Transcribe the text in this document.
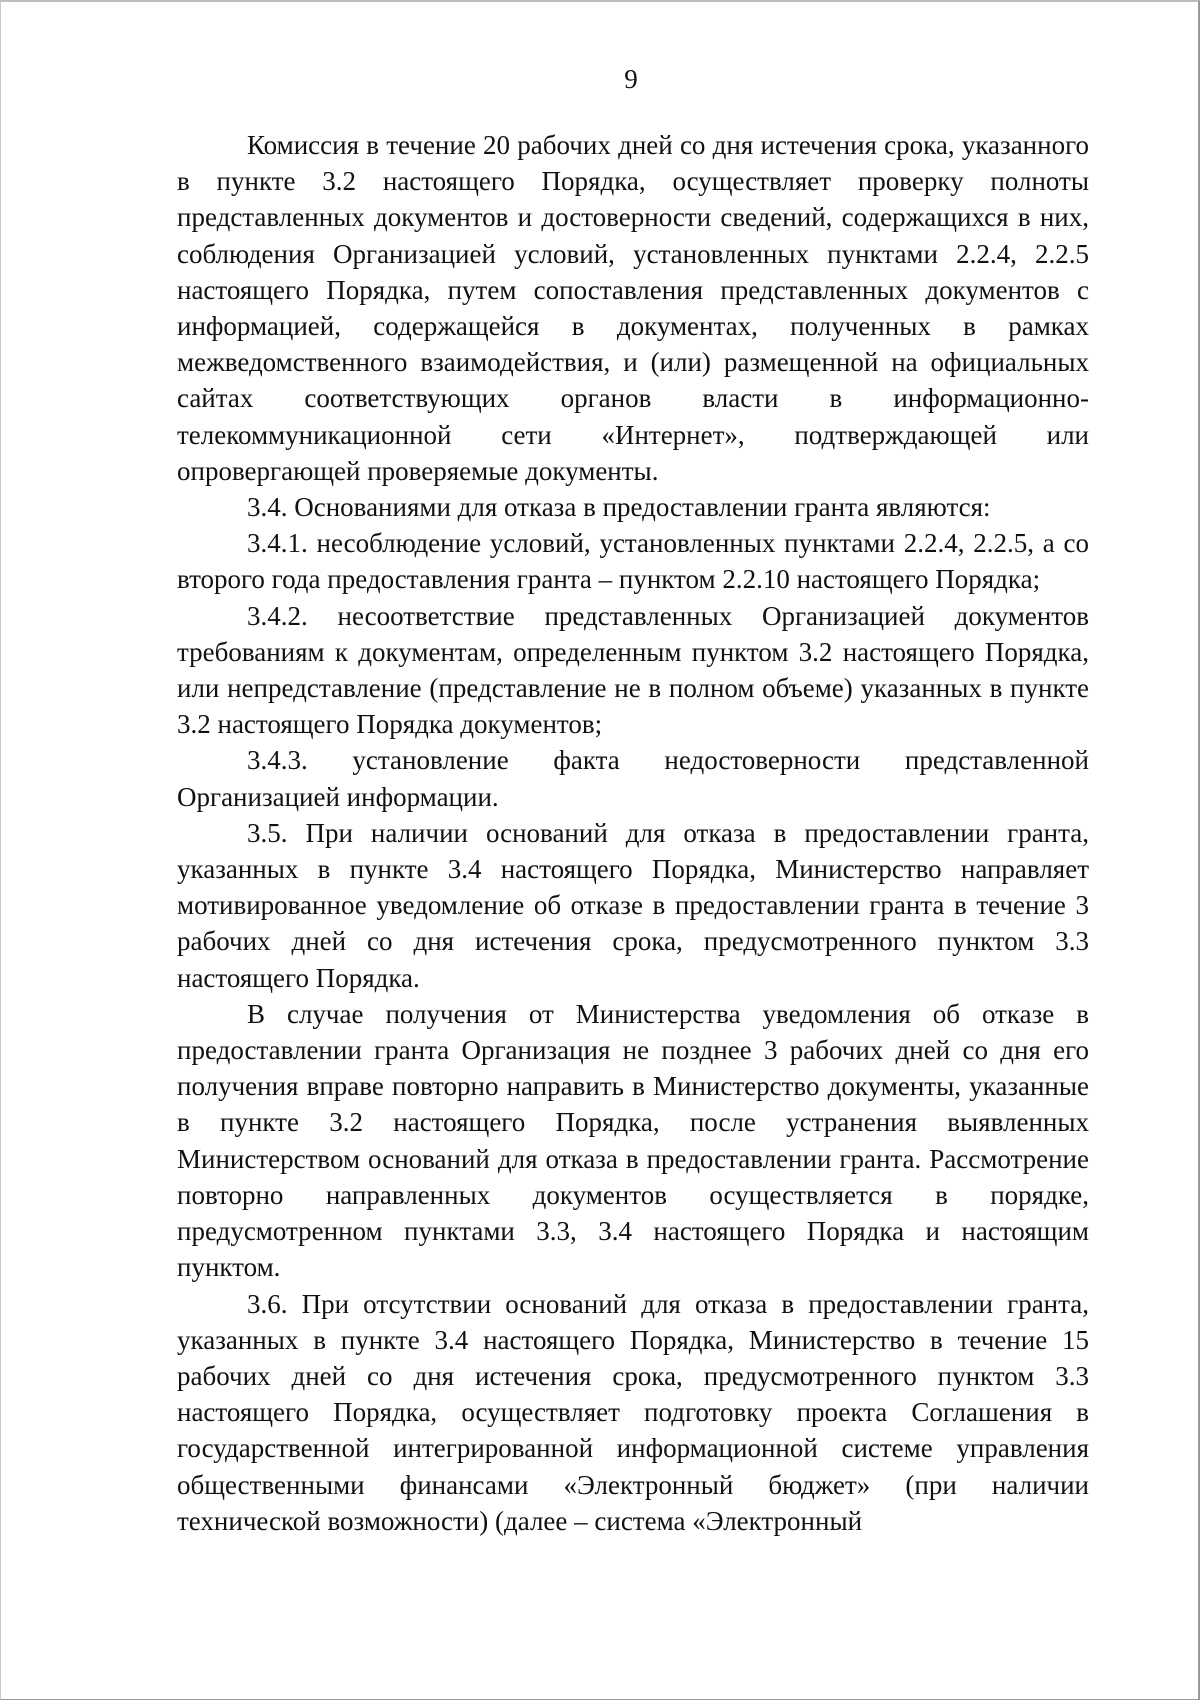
9

Комиссия в течение 20 рабочих дней со дня истечения срока, указанного в пункте 3.2 настоящего Порядка, осуществляет проверку полноты представленных документов и достоверности сведений, содержащихся в них, соблюдения Организацией условий, установленных пунктами 2.2.4, 2.2.5 настоящего Порядка, путем сопоставления представленных документов с информацией, содержащейся в документах, полученных в рамках межведомственного взаимодействия, и (или) размещенной на официальных сайтах соответствующих органов власти в информационно-телекоммуникационной сети «Интернет», подтверждающей или опровергающей проверяемые документы.

3.4. Основаниями для отказа в предоставлении гранта являются:

3.4.1. несоблюдение условий, установленных пунктами 2.2.4, 2.2.5, а со второго года предоставления гранта – пунктом 2.2.10 настоящего Порядка;

3.4.2. несоответствие представленных Организацией документов требованиям к документам, определенным пунктом 3.2 настоящего Порядка, или непредставление (представление не в полном объеме) указанных в пункте 3.2 настоящего Порядка документов;

3.4.3. установление факта недостоверности представленной Организацией информации.

3.5. При наличии оснований для отказа в предоставлении гранта, указанных в пункте 3.4 настоящего Порядка, Министерство направляет мотивированное уведомление об отказе в предоставлении гранта в течение 3 рабочих дней со дня истечения срока, предусмотренного пунктом 3.3 настоящего Порядка.

В случае получения от Министерства уведомления об отказе в предоставлении гранта Организация не позднее 3 рабочих дней со дня его получения вправе повторно направить в Министерство документы, указанные в пункте 3.2 настоящего Порядка, после устранения выявленных Министерством оснований для отказа в предоставлении гранта. Рассмотрение повторно направленных документов осуществляется в порядке, предусмотренном пунктами 3.3, 3.4 настоящего Порядка и настоящим пунктом.

3.6. При отсутствии оснований для отказа в предоставлении гранта, указанных в пункте 3.4 настоящего Порядка, Министерство в течение 15 рабочих дней со дня истечения срока, предусмотренного пунктом 3.3 настоящего Порядка, осуществляет подготовку проекта Соглашения в государственной интегрированной информационной системе управления общественными финансами «Электронный бюджет» (при наличии технической возможности) (далее – система «Электронный
